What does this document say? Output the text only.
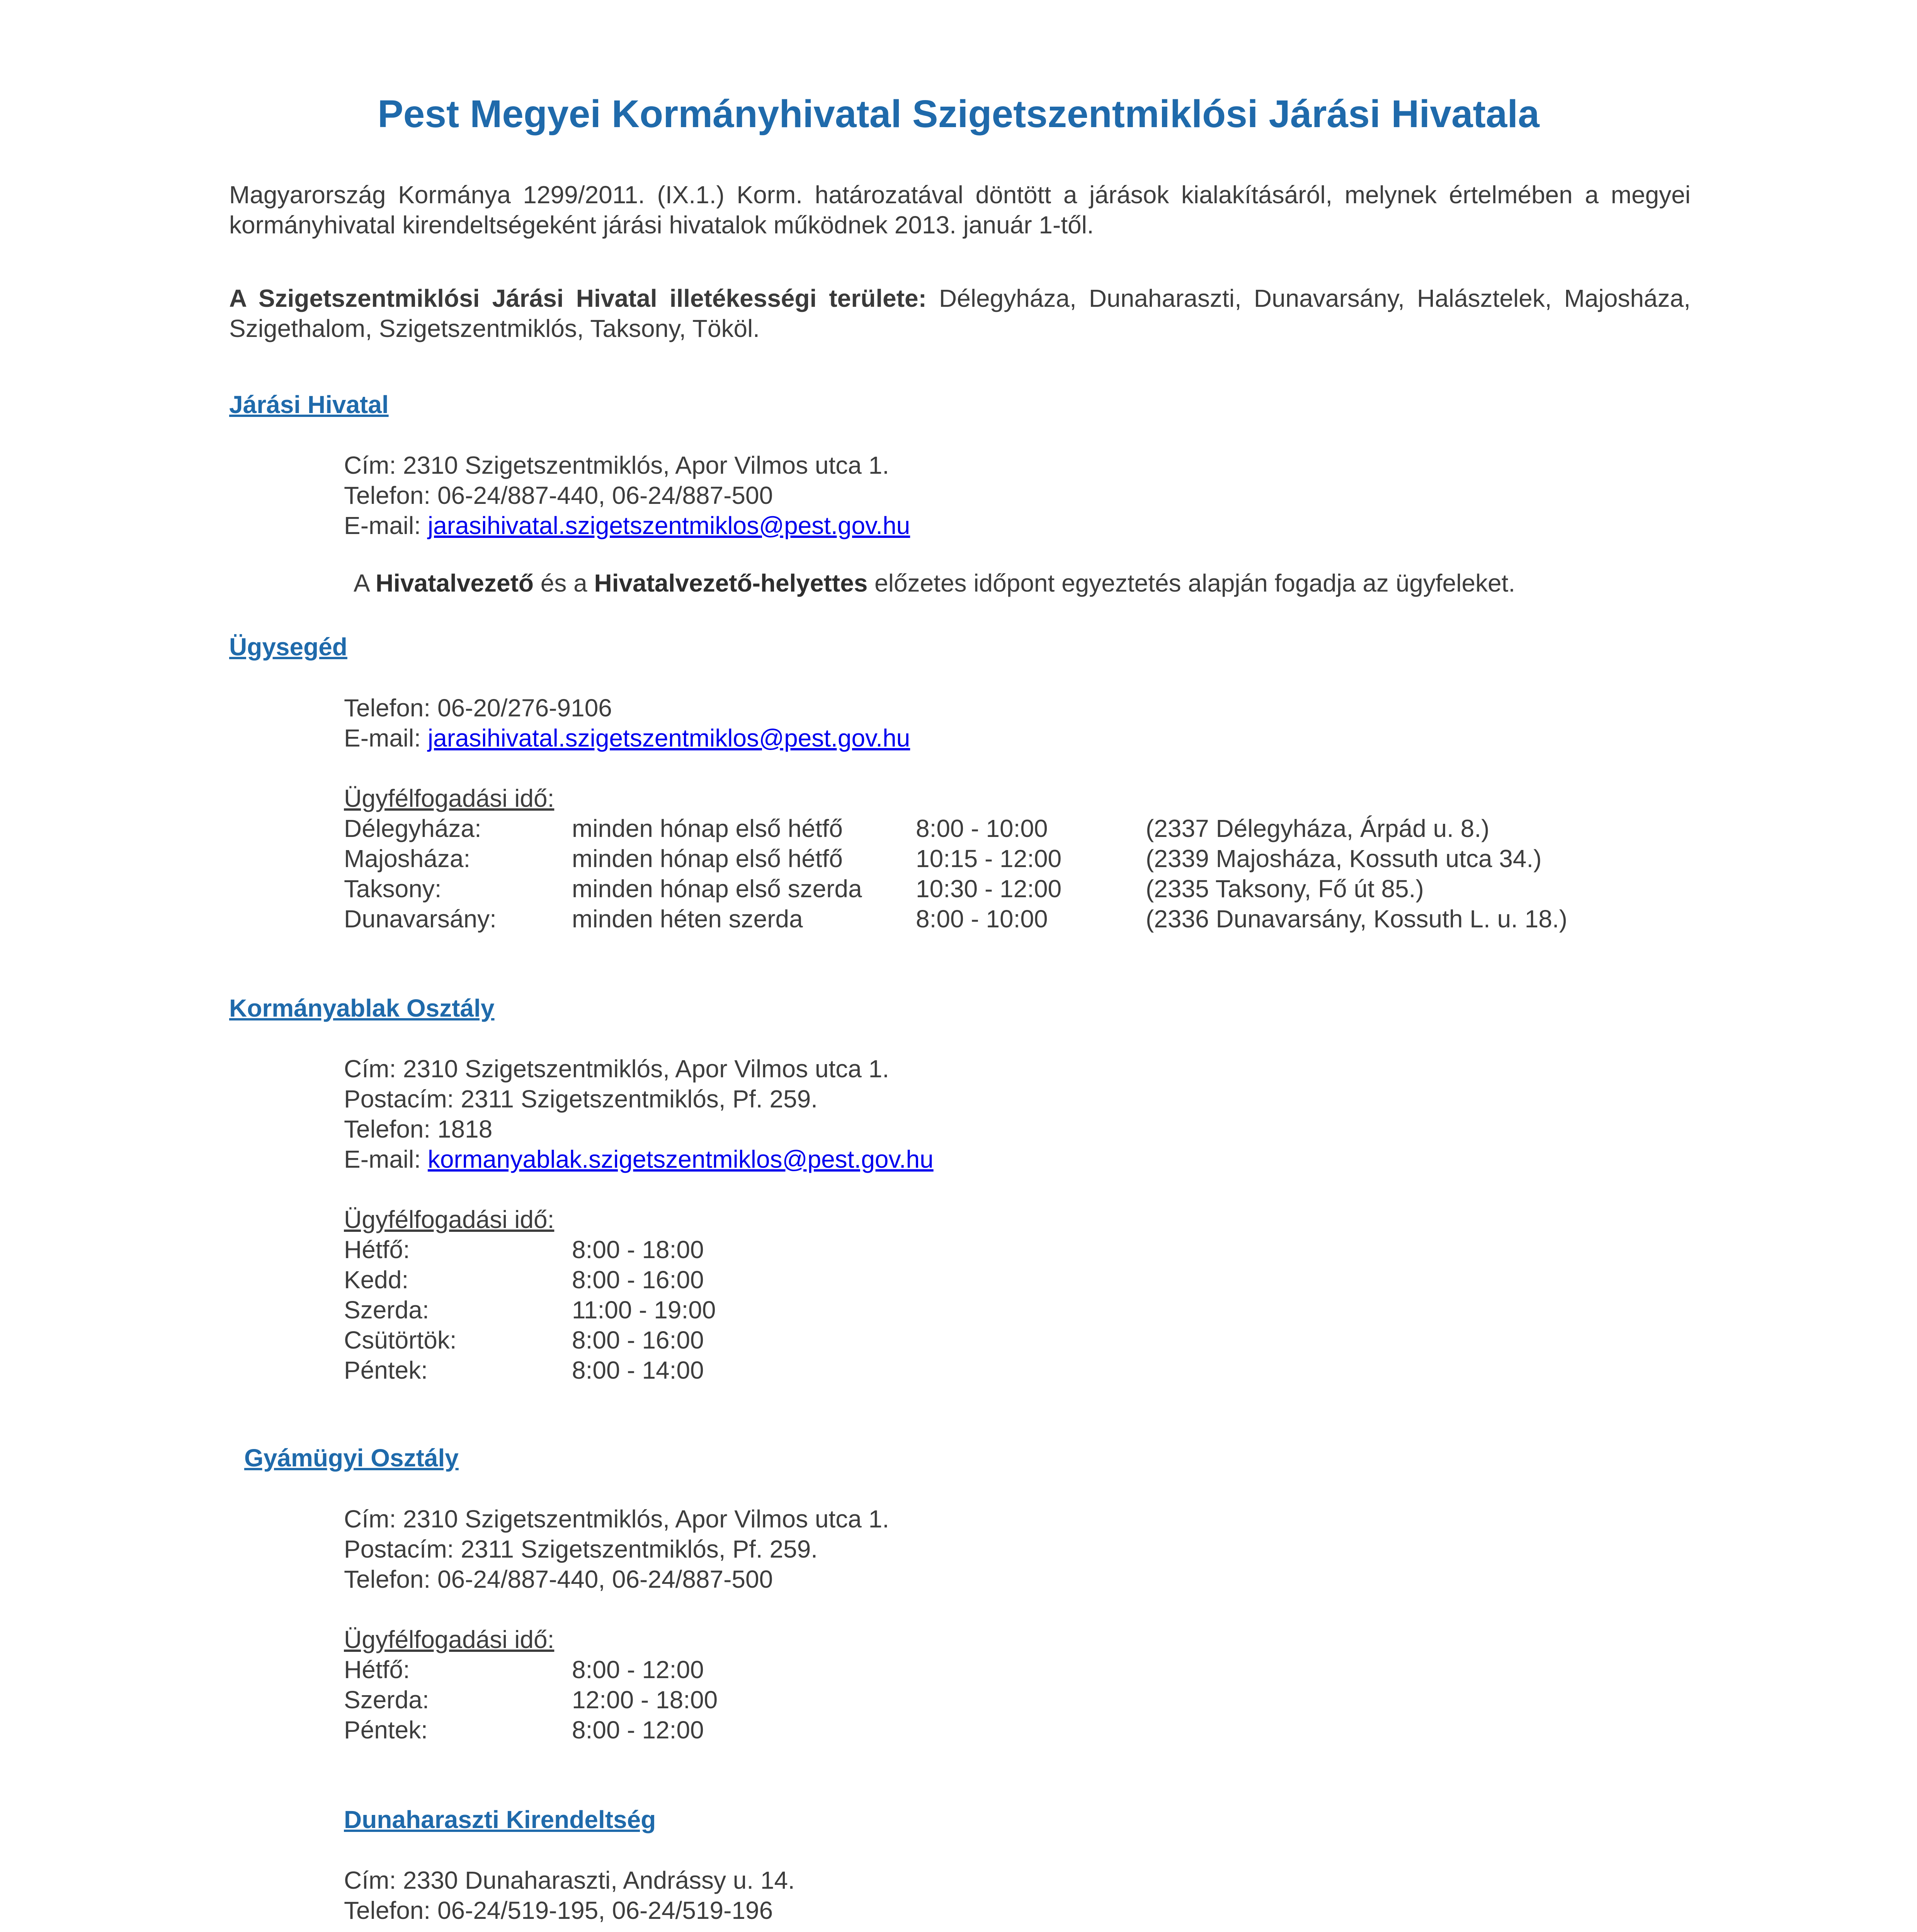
Pest Megyei Kormányhivatal Szigetszentmiklósi Járási Hivatala

Magyarország Kormánya 1299/2011. (IX.1.) Korm. határozatával döntött a járások kialakításáról, melynek értelmében a megyei kormányhivatal kirendeltségeként járási hivatalok működnek 2013. január 1-től.

A Szigetszentmiklósi Járási Hivatal illetékességi területe: Délegyháza, Dunaharaszti, Dunavarsány, Halásztelek, Majosháza, Szigethalom, Szigetszentmiklós, Taksony, Tököl.

Járási Hivatal
Cím: 2310 Szigetszentmiklós, Apor Vilmos utca 1.
Telefon: 06-24/887-440, 06-24/887-500
E-mail: jarasihivatal.szigetszentmiklos@pest.gov.hu
A Hivatalvezető és a Hivatalvezető-helyettes előzetes időpont egyeztetés alapján fogadja az ügyfeleket.
Ügysegéd
Telefon: 06-20/276-9106
E-mail: jarasihivatal.szigetszentmiklos@pest.gov.hu
Ügyfélfogadási idő:
Délegyháza:	minden hónap első hétfő	8:00 - 10:00	(2337 Délegyháza, Árpád u. 8.)
Majosháza:	minden hónap első hétfő	10:15 - 12:00	(2339 Majosháza, Kossuth utca 34.)
Taksony:	minden hónap első szerda 10:30 - 12:00	(2335 Taksony, Fő út 85.)
Dunavarsány:	minden héten szerda	8:00 - 10:00	(2336 Dunavarsány, Kossuth L. u. 18.)
Kormányablak Osztály
Cím: 2310 Szigetszentmiklós, Apor Vilmos utca 1.
Postacím: 2311 Szigetszentmiklós, Pf. 259.
Telefon: 1818
E-mail: kormanyablak.szigetszentmiklos@pest.gov.hu
Ügyfélfogadási idő:
Hétfő:	8:00 - 18:00
Kedd:	8:00 - 16:00
Szerda:	11:00 - 19:00
Csütörtök:	8:00 - 16:00
Péntek:	8:00 - 14:00
Gyámügyi Osztály
Cím: 2310 Szigetszentmiklós, Apor Vilmos utca 1.
Postacím: 2311 Szigetszentmiklós, Pf. 259.
Telefon: 06-24/887-440, 06-24/887-500
Ügyfélfogadási idő:
Hétfő:	8:00 - 12:00
Szerda:	12:00 - 18:00
Péntek:	8:00 - 12:00
Dunaharaszti Kirendeltség
Cím: 2330 Dunaharaszti, Andrássy u. 14.
Telefon: 06-24/519-195, 06-24/519-196
